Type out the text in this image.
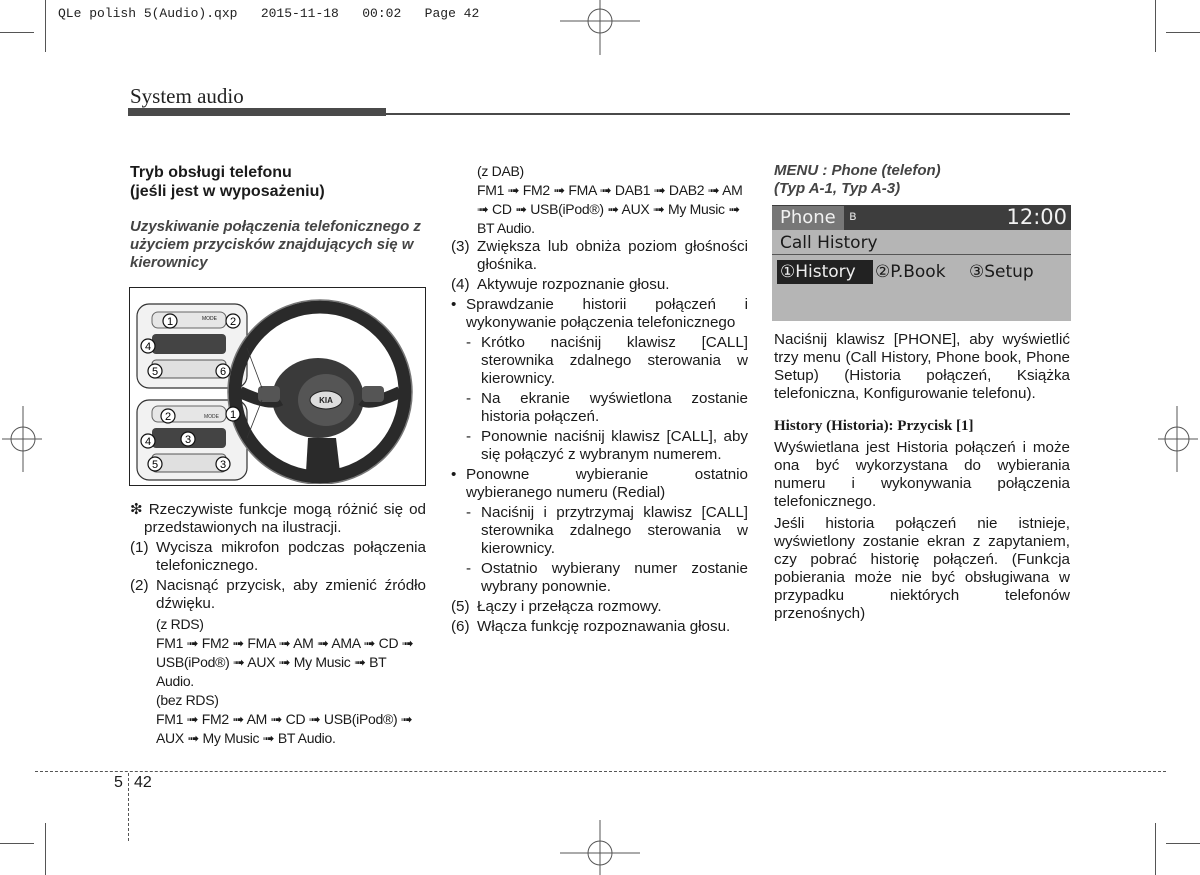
QLe polish 5(Audio).qxp   2015-11-18   00:02   Page 42
System audio
Tryb obsługi telefonu
(jeśli jest w wyposażeniu)

Uzyskiwanie połączenia telefonicznego z użyciem przycisków znajdujących się w kierownicy

MODE
KIA
1	2
4
5	6
2	1
3
4
5	3
MODE
❇ Rzeczywiste funkcje mogą różnić się od przedstawionych na ilustracji.
(1) Wycisza mikrofon podczas połączenia telefonicznego.
(2) Nacisnąć przycisk, aby zmienić źródło dźwięku.

(z RDS)

FM1 ➟ FM2 ➟ FMA ➟ AM ➟ AMA ➟ CD ➟ USB(iPod®) ➟ AUX ➟ My Music ➟ BT Audio.

(bez RDS)

FM1 ➟ FM2 ➟ AM ➟ CD ➟ USB(iPod®) ➟ AUX ➟ My Music ➟ BT Audio.

(z DAB)

FM1 ➟ FM2 ➟ FMA ➟ DAB1 ➟ DAB2 ➟ AM ➟ CD ➟ USB(iPod®) ➟ AUX ➟ My Music ➟ BT Audio.

(3) Zwiększa lub obniża poziom głośności głośnika.
(4) Aktywuje rozpoznanie głosu.
• Sprawdzanie historii połączeń i wykonywanie połączenia telefonicznego
- Krótko naciśnij klawisz [CALL] sterownika zdalnego sterowania w kierownicy.
- Na ekranie wyświetlona zostanie historia połączeń.
- Ponownie naciśnij klawisz [CALL], aby się połączyć z wybranym numerem.
• Ponowne wybieranie ostatnio wybieranego numeru (Redial)
- Naciśnij i przytrzymaj klawisz [CALL] sterownika zdalnego sterowania w kierownicy.
- Ostatnio wybierany numer zostanie wybrany ponownie.
(5) Łączy i przełącza rozmowy.
(6) Włącza funkcję rozpoznawania głosu.

MENU : Phone (telefon)

(Typ A-1, Typ A-3)

Phone	ʙ	12:00
Call History
①History	②P.Book ③Setup

Naciśnij klawisz [PHONE], aby wyświetlić trzy menu (Call History, Phone book, Phone Setup) (Historia połączeń, Książka telefoniczna, Konfigurowanie telefonu).

History (Historia): Przycisk [1]

Wyświetlana jest Historia połączeń i może ona być wykorzystana do wybierania numeru i wykonywania połączenia telefonicznego.

Jeśli historia połączeń nie istnieje, wyświetlony zostanie ekran z zapytaniem, czy pobrać historię połączeń. (Funkcja pobierania może nie być obsługiwana w przypadku niektórych telefonów przenośnych)

5 42
